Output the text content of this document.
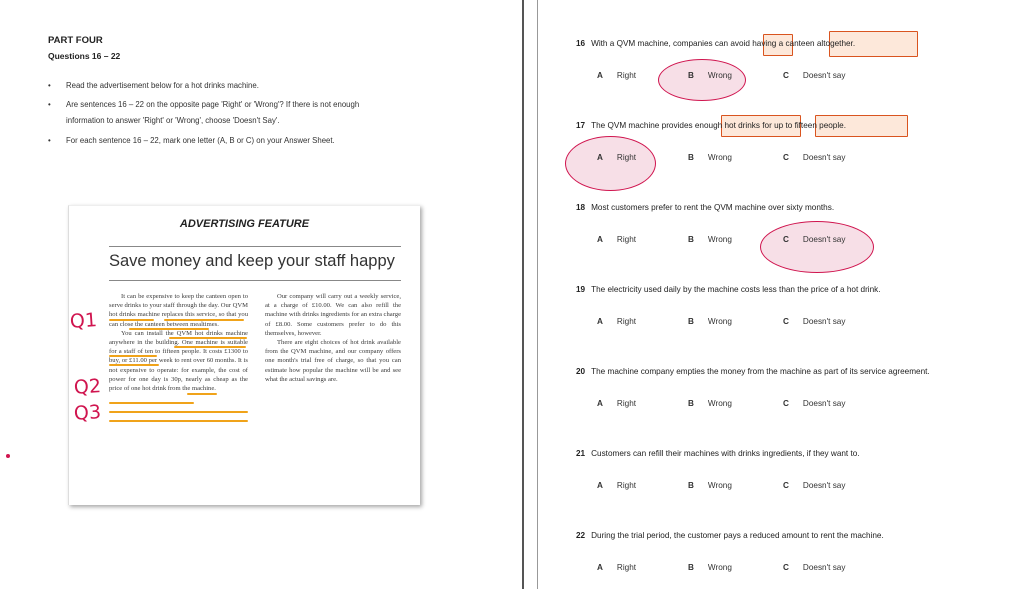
PART FOUR
Questions 16 – 22
• Read the advertisement below for a hot drinks machine.
• Are sentences 16 – 22 on the opposite page 'Right' or 'Wrong'? If there is not enough
information to answer 'Right' or 'Wrong', choose 'Doesn't Say'.
• For each sentence 16 – 22, mark one letter (A, B or C) on your Answer Sheet.
ADVERTISING FEATURE
Save money and keep your staff happy

It can be expensive to keep the canteen open to serve drinks to your staff through the day. Our QVM hot drinks machine replaces this service, so that you can close the canteen between mealtimes.

You can install the QVM hot drinks machine anywhere in the building. One machine is suitable for a staff of ten to fifteen people. It costs £1300 to buy, or £11.00 per week to rent over 60 months. It is not expensive to operate: for example, the cost of power for one day is 30p, nearly as cheap as the price of one hot drink from the machine.

Our company will carry out a weekly service, at a charge of £10.00. We can also refill the machine with drinks ingredients for an extra charge of £8.00. Some customers prefer to do this themselves, however.

There are eight choices of hot drink available from the QVM machine, and our company offers one month's trial free of charge, so that you can estimate how popular the machine will be and see what the actual savings are.

Q1
Q2
Q3
16 With a QVM machine, companies can avoid having a canteen altogether.
A Right	B Wrong	C Doesn't say
17 The QVM machine provides enough hot drinks for up to fifteen people.
A Right	B Wrong	C Doesn't say
18 Most customers prefer to rent the QVM machine over sixty months.
A Right	B Wrong	C Doesn't say
19 The electricity used daily by the machine costs less than the price of a hot drink.
A Right	B Wrong	C Doesn't say
20 The machine company empties the money from the machine as part of its service agreement.
A Right	B Wrong	C Doesn't say
21 Customers can refill their machines with drinks ingredients, if they want to.
A Right	B Wrong	C Doesn't say
22 During the trial period, the customer pays a reduced amount to rent the machine.
A Right	B Wrong	C Doesn't say
